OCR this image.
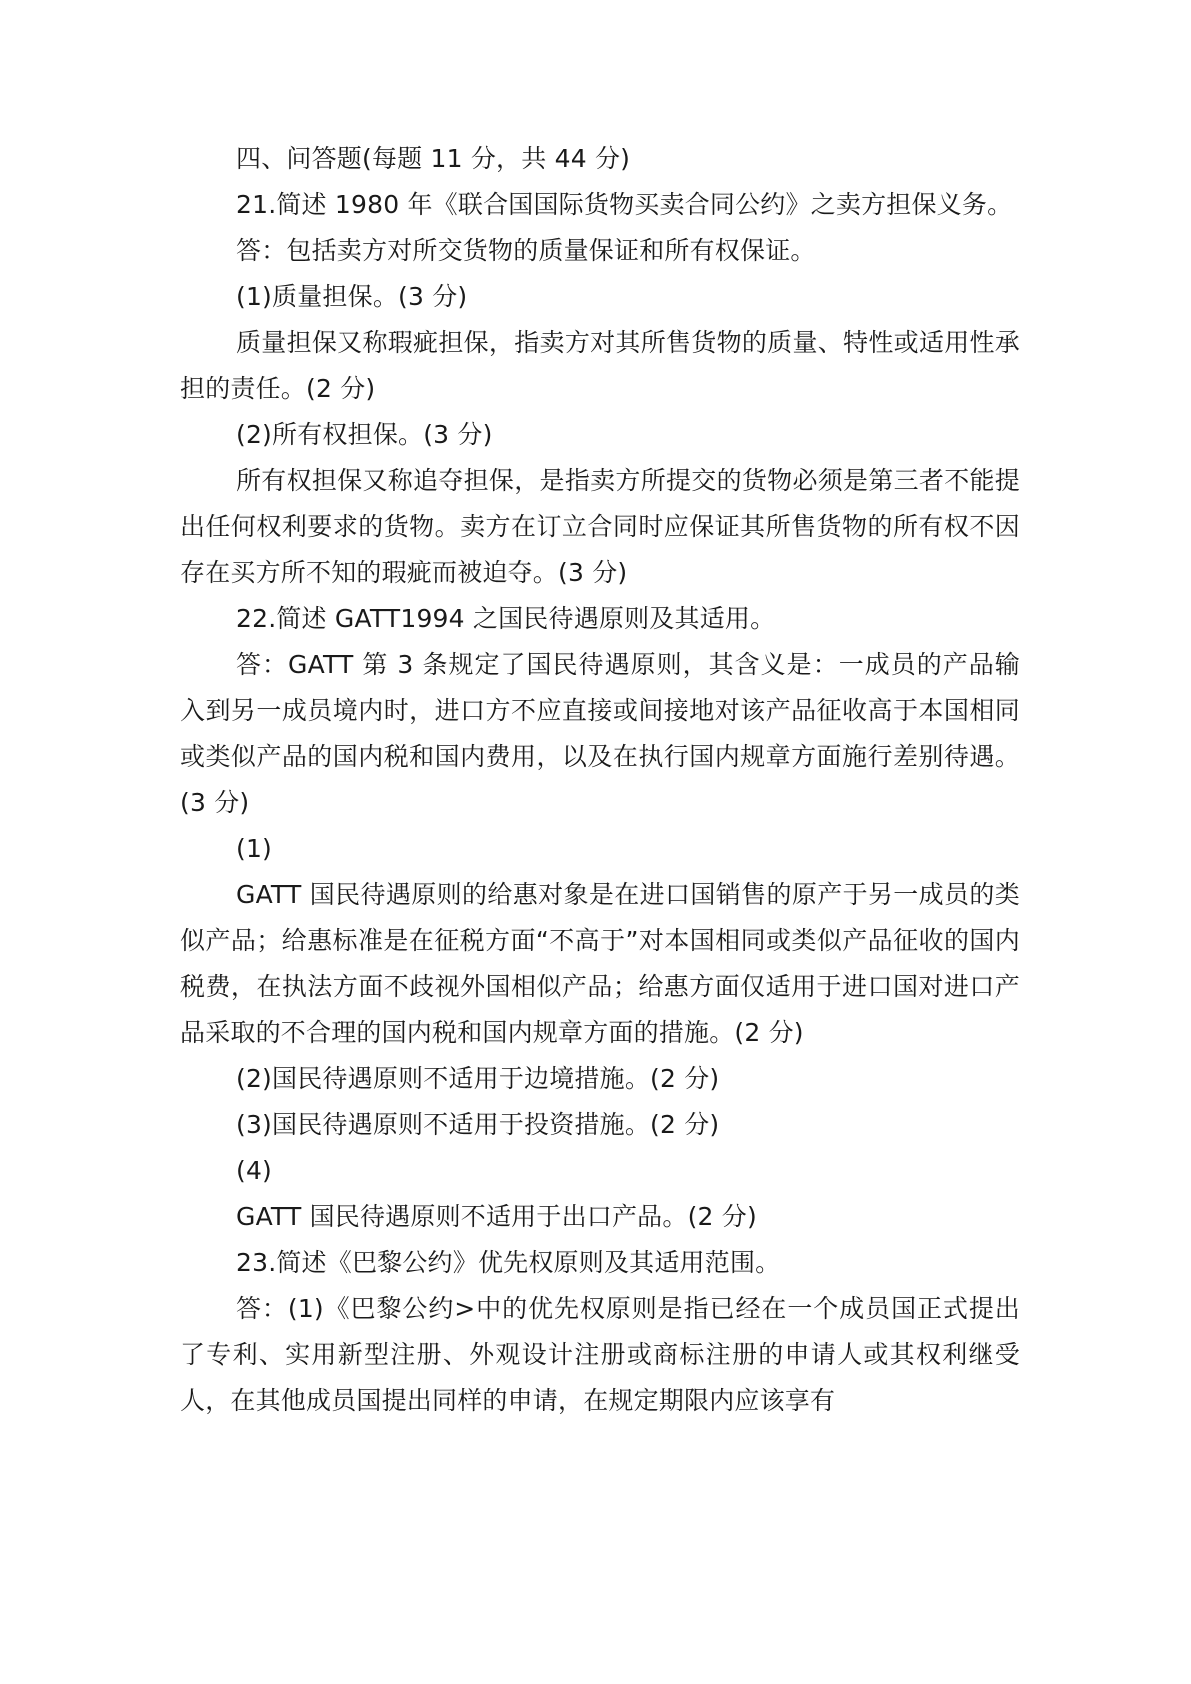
四、问答题(每题 11 分，共 44 分)

21.简述 1980 年《联合国国际货物买卖合同公约》之卖方担保义务。

答：包括卖方对所交货物的质量保证和所有权保证。

(1)质量担保。(3 分)

质量担保又称瑕疵担保，指卖方对其所售货物的质量、特性或适用性承担的责任。(2 分)

(2)所有权担保。(3 分)

所有权担保又称追夺担保，是指卖方所提交的货物必须是第三者不能提出任何权利要求的货物。卖方在订立合同时应保证其所售货物的所有权不因存在买方所不知的瑕疵而被迫夺。(3 分)

22.简述 GATT1994 之国民待遇原则及其适用。

答：GATT 第 3 条规定了国民待遇原则，其含义是：一成员的产品输入到另一成员境内时，进口方不应直接或间接地对该产品征收高于本国相同或类似产品的国内税和国内费用，以及在执行国内规章方面施行差别待遇。(3 分)

(1)

GATT 国民待遇原则的给惠对象是在进口国销售的原产于另一成员的类似产品；给惠标准是在征税方面“不高于”对本国相同或类似产品征收的国内税费，在执法方面不歧视外国相似产品；给惠方面仅适用于进口国对进口产品采取的不合理的国内税和国内规章方面的措施。(2 分)

(2)国民待遇原则不适用于边境措施。(2 分)

(3)国民待遇原则不适用于投资措施。(2 分)

(4)

GATT 国民待遇原则不适用于出口产品。(2 分)

23.简述《巴黎公约》优先权原则及其适用范围。

答：(1)《巴黎公约>中的优先权原则是指已经在一个成员国正式提出了专利、实用新型注册、外观设计注册或商标注册的申请人或其权利继受人，在其他成员国提出同样的申请，在规定期限内应该享有
